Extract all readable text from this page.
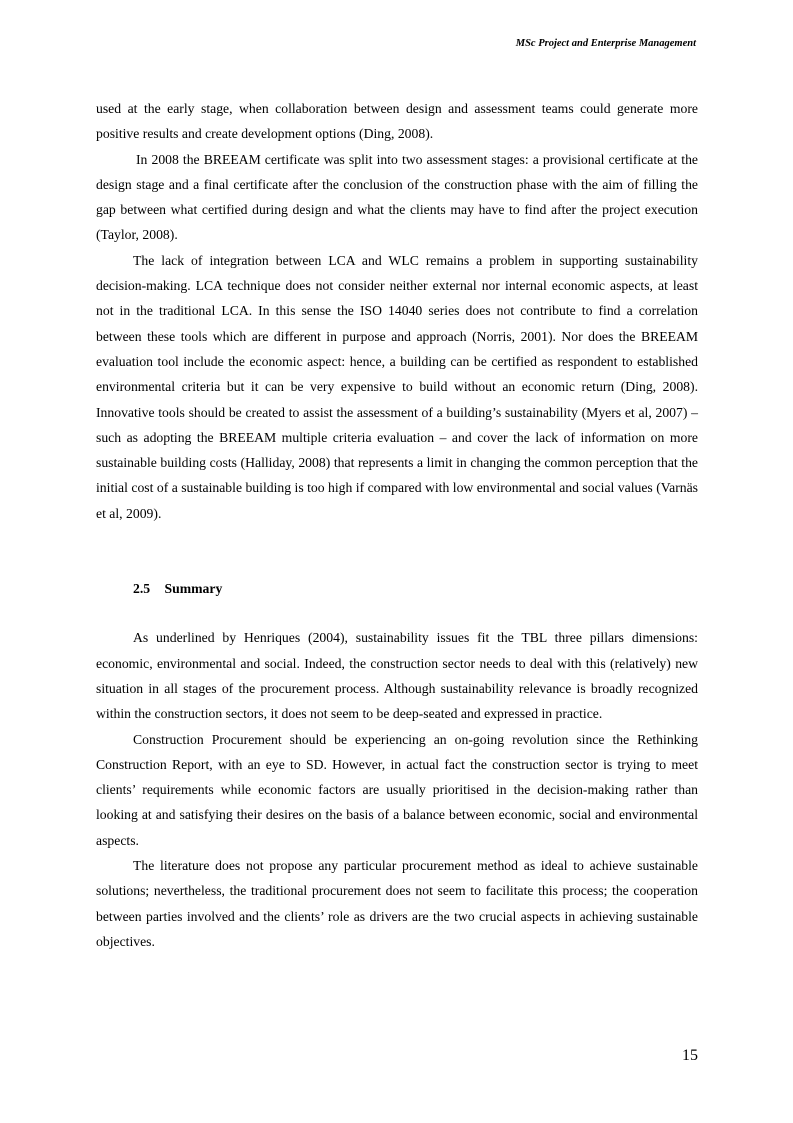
MSc Project and Enterprise Management

used at the early stage, when collaboration between design and assessment teams could generate more positive results and create development options (Ding, 2008).

In 2008 the BREEAM certificate was split into two assessment stages: a provisional certificate at the design stage and a final certificate after the conclusion of the construction phase with the aim of filling the gap between what certified during design and what the clients may have to find after the project execution (Taylor, 2008).

The lack of integration between LCA and WLC remains a problem in supporting sustainability decision-making. LCA technique does not consider neither external nor internal economic aspects, at least not in the traditional LCA. In this sense the ISO 14040 series does not contribute to find a correlation between these tools which are different in purpose and approach (Norris, 2001). Nor does the BREEAM evaluation tool include the economic aspect: hence, a building can be certified as respondent to established environmental criteria but it can be very expensive to build without an economic return (Ding, 2008). Innovative tools should be created to assist the assessment of a building’s sustainability (Myers et al, 2007) – such as adopting the BREEAM multiple criteria evaluation – and cover the lack of information on more sustainable building costs (Halliday, 2008) that represents a limit in changing the common perception that the initial cost of a sustainable building is too high if compared with low environmental and social values (Varnäs et al, 2009).

2.5 Summary

As underlined by Henriques (2004), sustainability issues fit the TBL three pillars dimensions: economic, environmental and social. Indeed, the construction sector needs to deal with this (relatively) new situation in all stages of the procurement process. Although sustainability relevance is broadly recognized within the construction sectors, it does not seem to be deep-seated and expressed in practice.

Construction Procurement should be experiencing an on-going revolution since the Rethinking Construction Report, with an eye to SD. However, in actual fact the construction sector is trying to meet clients’ requirements while economic factors are usually prioritised in the decision-making rather than looking at and satisfying their desires on the basis of a balance between economic, social and environmental aspects.

The literature does not propose any particular procurement method as ideal to achieve sustainable solutions; nevertheless, the traditional procurement does not seem to facilitate this process; the cooperation between parties involved and the clients’ role as drivers are the two crucial aspects in achieving sustainable objectives.

15
